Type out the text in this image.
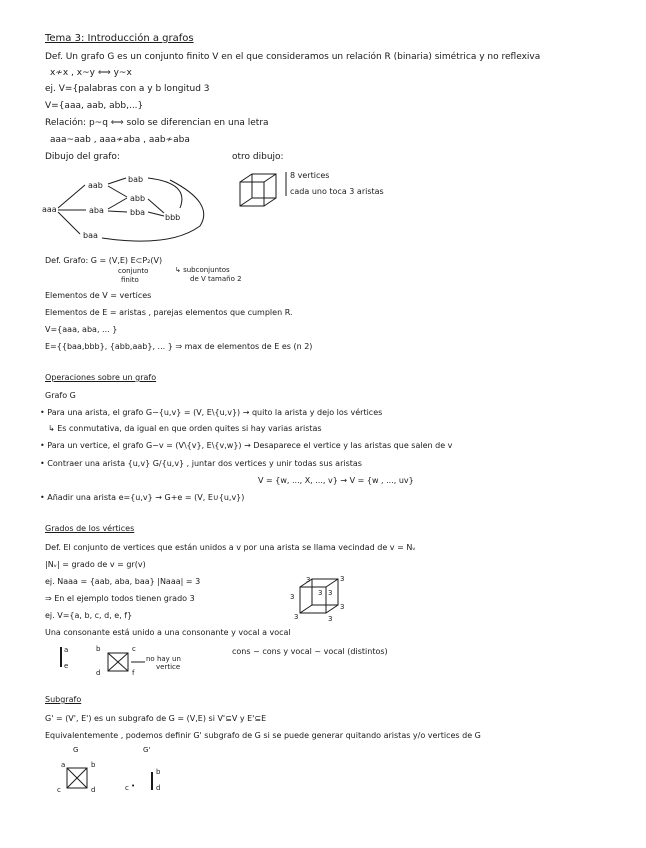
Tema 3: Introducción a grafos
Def. Un grafo G es un conjunto finito V en el que consideramos un relación R (binaria) simétrica y no reflexiva
x≁x , x~y ⟺ y~x
ej. V={palabras con a y b longitud 3
V={aaa, aab, abb,...}
Relación: p~q ⟺ solo se diferencian en una letra
aaa~aab , aaa≁aba , aab≁aba
Dibujo del grafo:	otro dibujo:
aaa
aab
aba
baa
bab
abb
bba
bbb
8 vertices
cada uno toca 3 aristas
Def. Grafo: G = (V,E) E⊂P₂(V)
conjunto
finito
↳ subconjuntos
de V tamaño 2
Elementos de V = vertices
Elementos de E = aristas , parejas elementos que cumplen R.
V={aaa, aba, ... }
E={{baa,bbb}, {abb,aab}, ... } ⇒ max de elementos de E es (n 2)
Operaciones sobre un grafo
Grafo G
• Para una arista, el grafo G−{u,v} = (V, E\{u,v}) → quito la arista y dejo los vértices
↳ Es conmutativa, da igual en que orden quites si hay varias aristas
• Para un vertice, el grafo G−v = (V\{v}, E\{v,w}) → Desaparece el vertice y las aristas que salen de v
• Contraer una arista {u,v} G/{u,v} , juntar dos vertices y unir todas sus aristas
V = {w, ..., X, ..., v} → V = {w , ..., uv}
• Añadir una arista e={u,v} → G+e = (V, E∪{u,v})
Grados de los vértices
Def. El conjunto de vertices que están unidos a v por una arista se llama vecindad de v = Nᵥ
|Nᵥ| = grado de v = gr(v)
ej. Naaa = {aab, aba, baa} |Naaa| = 3
⇒ En el ejemplo todos tienen grado 3
ej. V={a, b, c, d, e, f}
Una consonante está unido a una consonante y vocal a vocal
cons ~ cons y vocal ~ vocal (distintos)
3	3
3	3 3
3	3
3
a
e
b	c
d	f
no hay un
vertice
Subgrafo
G' = (V', E') es un subgrafo de G = (V,E) si V'⊆V y E'⊆E
Equivalentemente , podemos definir G' subgrafo de G si se puede generar quitando aristas y/o vertices de G
G	G'
a	b
c	d	c •
b
d
